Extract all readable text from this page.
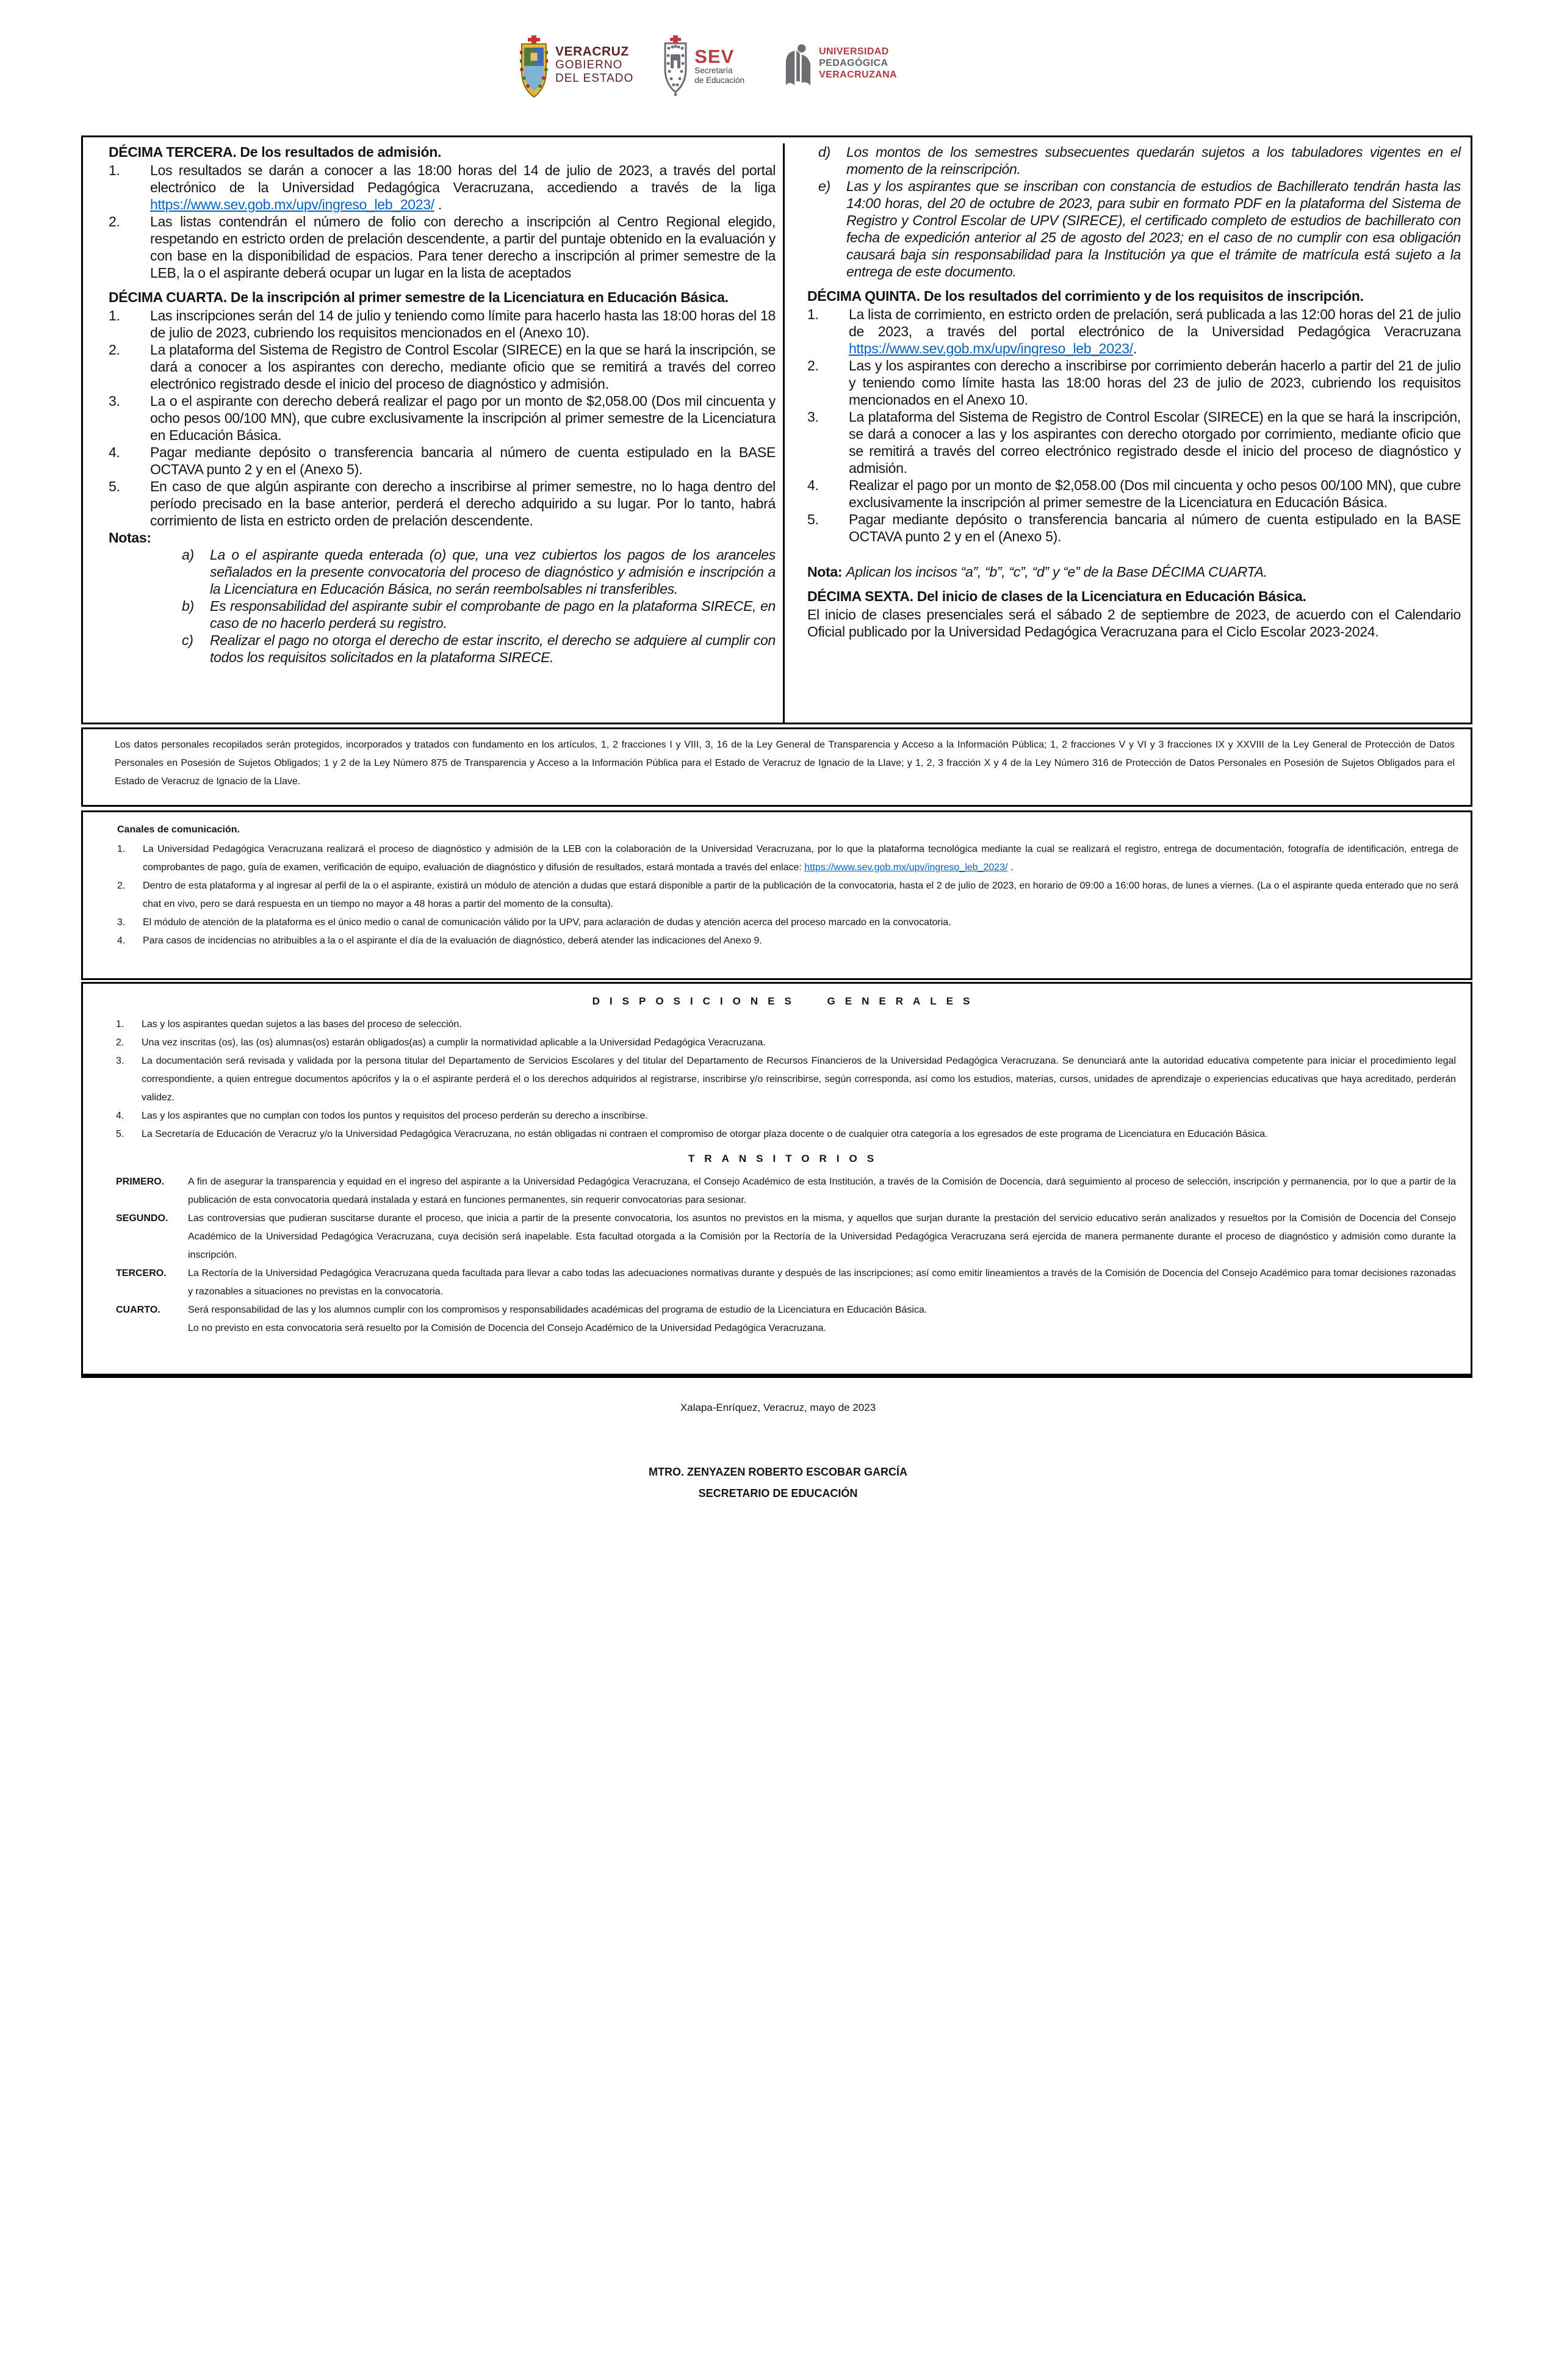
VERACRUZ
GOBIERNO
DEL ESTADO
SEV
Secretaría
de Educación
UNIVERSIDAD
PEDAGÓGICA
VERACRUZANA
DÉCIMA TERCERA. De los resultados de admisión.
1.	Los resultados se darán a conocer a las 18:00 horas del 14 de julio de 2023, a través del portal electrónico de la Universidad Pedagógica Veracruzana, accediendo a través de la liga https://www.sev.gob.mx/upv/ingreso_leb_2023/ .
2.	Las listas contendrán el número de folio con derecho a inscripción al Centro Regional elegido, respetando en estricto orden de prelación descendente, a partir del puntaje obtenido en la evaluación y con base en la disponibilidad de espacios. Para tener derecho a inscripción al primer semestre de la LEB, la o el aspirante deberá ocupar un lugar en la lista de aceptados
DÉCIMA CUARTA. De la inscripción al primer semestre de la Licenciatura en Educación Básica.
1.	Las inscripciones serán del 14 de julio y teniendo como límite para hacerlo hasta las 18:00 horas del 18 de julio de 2023, cubriendo los requisitos mencionados en el (Anexo 10).
2.	La plataforma del Sistema de Registro de Control Escolar (SIRECE) en la que se hará la inscripción, se dará a conocer a los aspirantes con derecho, mediante oficio que se remitirá a través del correo electrónico registrado desde el inicio del proceso de diagnóstico y admisión.
3.	La o el aspirante con derecho deberá realizar el pago por un monto de $2,058.00 (Dos mil cincuenta y ocho pesos 00/100 MN), que cubre exclusivamente la inscripción al primer semestre de la Licenciatura en Educación Básica.
4.	Pagar mediante depósito o transferencia bancaria al número de cuenta estipulado en la BASE OCTAVA punto 2 y en el (Anexo 5).
5.	En caso de que algún aspirante con derecho a inscribirse al primer semestre, no lo haga dentro del período precisado en la base anterior, perderá el derecho adquirido a su lugar. Por lo tanto, habrá corrimiento de lista en estricto orden de prelación descendente.
Notas:
a)	La o el aspirante queda enterada (o) que, una vez cubiertos los pagos de los aranceles señalados en la presente convocatoria del proceso de diagnóstico y admisión e inscripción a la Licenciatura en Educación Básica, no serán reembolsables ni transferibles.
b)	Es responsabilidad del aspirante subir el comprobante de pago en la plataforma SIRECE, en caso de no hacerlo perderá su registro.
c)	Realizar el pago no otorga el derecho de estar inscrito, el derecho se adquiere al cumplir con todos los requisitos solicitados en la plataforma SIRECE.
d)	Los montos de los semestres subsecuentes quedarán sujetos a los tabuladores vigentes en el momento de la reinscripción.
e)	Las y los aspirantes que se inscriban con constancia de estudios de Bachillerato tendrán hasta las 14:00 horas, del 20 de octubre de 2023, para subir en formato PDF en la plataforma del Sistema de Registro y Control Escolar de UPV (SIRECE), el certificado completo de estudios de bachillerato con fecha de expedición anterior al 25 de agosto del 2023; en el caso de no cumplir con esa obligación causará baja sin responsabilidad para la Institución ya que el trámite de matrícula está sujeto a la entrega de este documento.
DÉCIMA QUINTA. De los resultados del corrimiento y de los requisitos de inscripción.
1.	La lista de corrimiento, en estricto orden de prelación, será publicada a las 12:00 horas del 21 de julio de 2023, a través del portal electrónico de la Universidad Pedagógica Veracruzana https://www.sev.gob.mx/upv/ingreso_leb_2023/.
2.	Las y los aspirantes con derecho a inscribirse por corrimiento deberán hacerlo a partir del 21 de julio y teniendo como límite hasta las 18:00 horas del 23 de julio de 2023, cubriendo los requisitos mencionados en el Anexo 10.
3.	La plataforma del Sistema de Registro de Control Escolar (SIRECE) en la que se hará la inscripción, se dará a conocer a las y los aspirantes con derecho otorgado por corrimiento, mediante oficio que se remitirá a través del correo electrónico registrado desde el inicio del proceso de diagnóstico y admisión.
4.	Realizar el pago por un monto de $2,058.00 (Dos mil cincuenta y ocho pesos 00/100 MN), que cubre exclusivamente la inscripción al primer semestre de la Licenciatura en Educación Básica.
5.	Pagar mediante depósito o transferencia bancaria al número de cuenta estipulado en la BASE OCTAVA punto 2 y en el (Anexo 5).
Nota: Aplican los incisos “a”, “b”, “c”, “d” y “e” de la Base DÉCIMA CUARTA.
DÉCIMA SEXTA. Del inicio de clases de la Licenciatura en Educación Básica.
El inicio de clases presenciales será el sábado 2 de septiembre de 2023, de acuerdo con el Calendario Oficial publicado por la Universidad Pedagógica Veracruzana para el Ciclo Escolar 2023-2024.

Los datos personales recopilados serán protegidos, incorporados y tratados con fundamento en los artículos, 1, 2 fracciones I y VIII, 3, 16 de la Ley General de Transparencia y Acceso a la Información Pública; 1, 2 fracciones V y VI y 3 fracciones IX y XXVIII de la Ley General de Protección de Datos Personales en Posesión de Sujetos Obligados; 1 y 2 de la Ley Número 875 de Transparencia y Acceso a la Información Pública para el Estado de Veracruz de Ignacio de la Llave; y 1, 2, 3 fracción X y 4 de la Ley Número 316 de Protección de Datos Personales en Posesión de Sujetos Obligados para el Estado de Veracruz de Ignacio de la Llave.

Canales de comunicación.
1.	La Universidad Pedagógica Veracruzana realizará el proceso de diagnóstico y admisión de la LEB con la colaboración de la Universidad Veracruzana, por lo que la plataforma tecnológica mediante la cual se realizará el registro, entrega de documentación, fotografía de identificación, entrega de comprobantes de pago, guía de examen, verificación de equipo, evaluación de diagnóstico y difusión de resultados, estará montada a través del enlace: https://www.sev.gob.mx/upv/ingreso_leb_2023/ .
2.	Dentro de esta plataforma y al ingresar al perfil de la o el aspirante, existirá un módulo de atención a dudas que estará disponible a partir de la publicación de la convocatoria, hasta el 2 de julio de 2023, en horario de 09:00 a 16:00 horas, de lunes a viernes. (La o el aspirante queda enterado que no será chat en vivo, pero se dará respuesta en un tiempo no mayor a 48 horas a partir del momento de la consulta).
3.	El módulo de atención de la plataforma es el único medio o canal de comunicación válido por la UPV, para aclaración de dudas y atención acerca del proceso marcado en la convocatoria.
4.	Para casos de incidencias no atribuibles a la o el aspirante el día de la evaluación de diagnóstico, deberá atender las indicaciones del Anexo 9.
DISPOSICIONES GENERALES
1.	Las y los aspirantes quedan sujetos a las bases del proceso de selección.
2.	Una vez inscritas (os), las (os) alumnas(os) estarán obligados(as) a cumplir la normatividad aplicable a la Universidad Pedagógica Veracruzana.
3.	La documentación será revisada y validada por la persona titular del Departamento de Servicios Escolares y del titular del Departamento de Recursos Financieros de la Universidad Pedagógica Veracruzana. Se denunciará ante la autoridad educativa competente para iniciar el procedimiento legal correspondiente, a quien entregue documentos apócrifos y la o el aspirante perderá el o los derechos adquiridos al registrarse, inscribirse y/o reinscribirse, según corresponda, así como los estudios, materias, cursos, unidades de aprendizaje o experiencias educativas que haya acreditado, perderán validez.
4.	Las y los aspirantes que no cumplan con todos los puntos y requisitos del proceso perderán su derecho a inscribirse.
5.	La Secretaría de Educación de Veracruz y/o la Universidad Pedagógica Veracruzana, no están obligadas ni contraen el compromiso de otorgar plaza docente o de cualquier otra categoría a los egresados de este programa de Licenciatura en Educación Básica.
TRANSITORIOS
PRIMERO.	A fin de asegurar la transparencia y equidad en el ingreso del aspirante a la Universidad Pedagógica Veracruzana, el Consejo Académico de esta Institución, a través de la Comisión de Docencia, dará seguimiento al proceso de selección, inscripción y permanencia, por lo que a partir de la publicación de esta convocatoria quedará instalada y estará en funciones permanentes, sin requerir convocatorias para sesionar.
SEGUNDO.	Las controversias que pudieran suscitarse durante el proceso, que inicia a partir de la presente convocatoria, los asuntos no previstos en la misma, y aquellos que surjan durante la prestación del servicio educativo serán analizados y resueltos por la Comisión de Docencia del Consejo Académico de la Universidad Pedagógica Veracruzana, cuya decisión será inapelable. Esta facultad otorgada a la Comisión por la Rectoría de la Universidad Pedagógica Veracruzana será ejercida de manera permanente durante el proceso de diagnóstico y admisión como durante la inscripción.
TERCERO.	La Rectoría de la Universidad Pedagógica Veracruzana queda facultada para llevar a cabo todas las adecuaciones normativas durante y después de las inscripciones; así como emitir lineamientos a través de la Comisión de Docencia del Consejo Académico para tomar decisiones razonadas y razonables a situaciones no previstas en la convocatoria.
CUARTO.	Será responsabilidad de las y los alumnos cumplir con los compromisos y responsabilidades académicas del programa de estudio de la Licenciatura en Educación Básica.
Lo no previsto en esta convocatoria será resuelto por la Comisión de Docencia del Consejo Académico de la Universidad Pedagógica Veracruzana.
Xalapa-Enríquez, Veracruz, mayo de 2023
MTRO. ZENYAZEN ROBERTO ESCOBAR GARCÍA
SECRETARIO DE EDUCACIÓN
